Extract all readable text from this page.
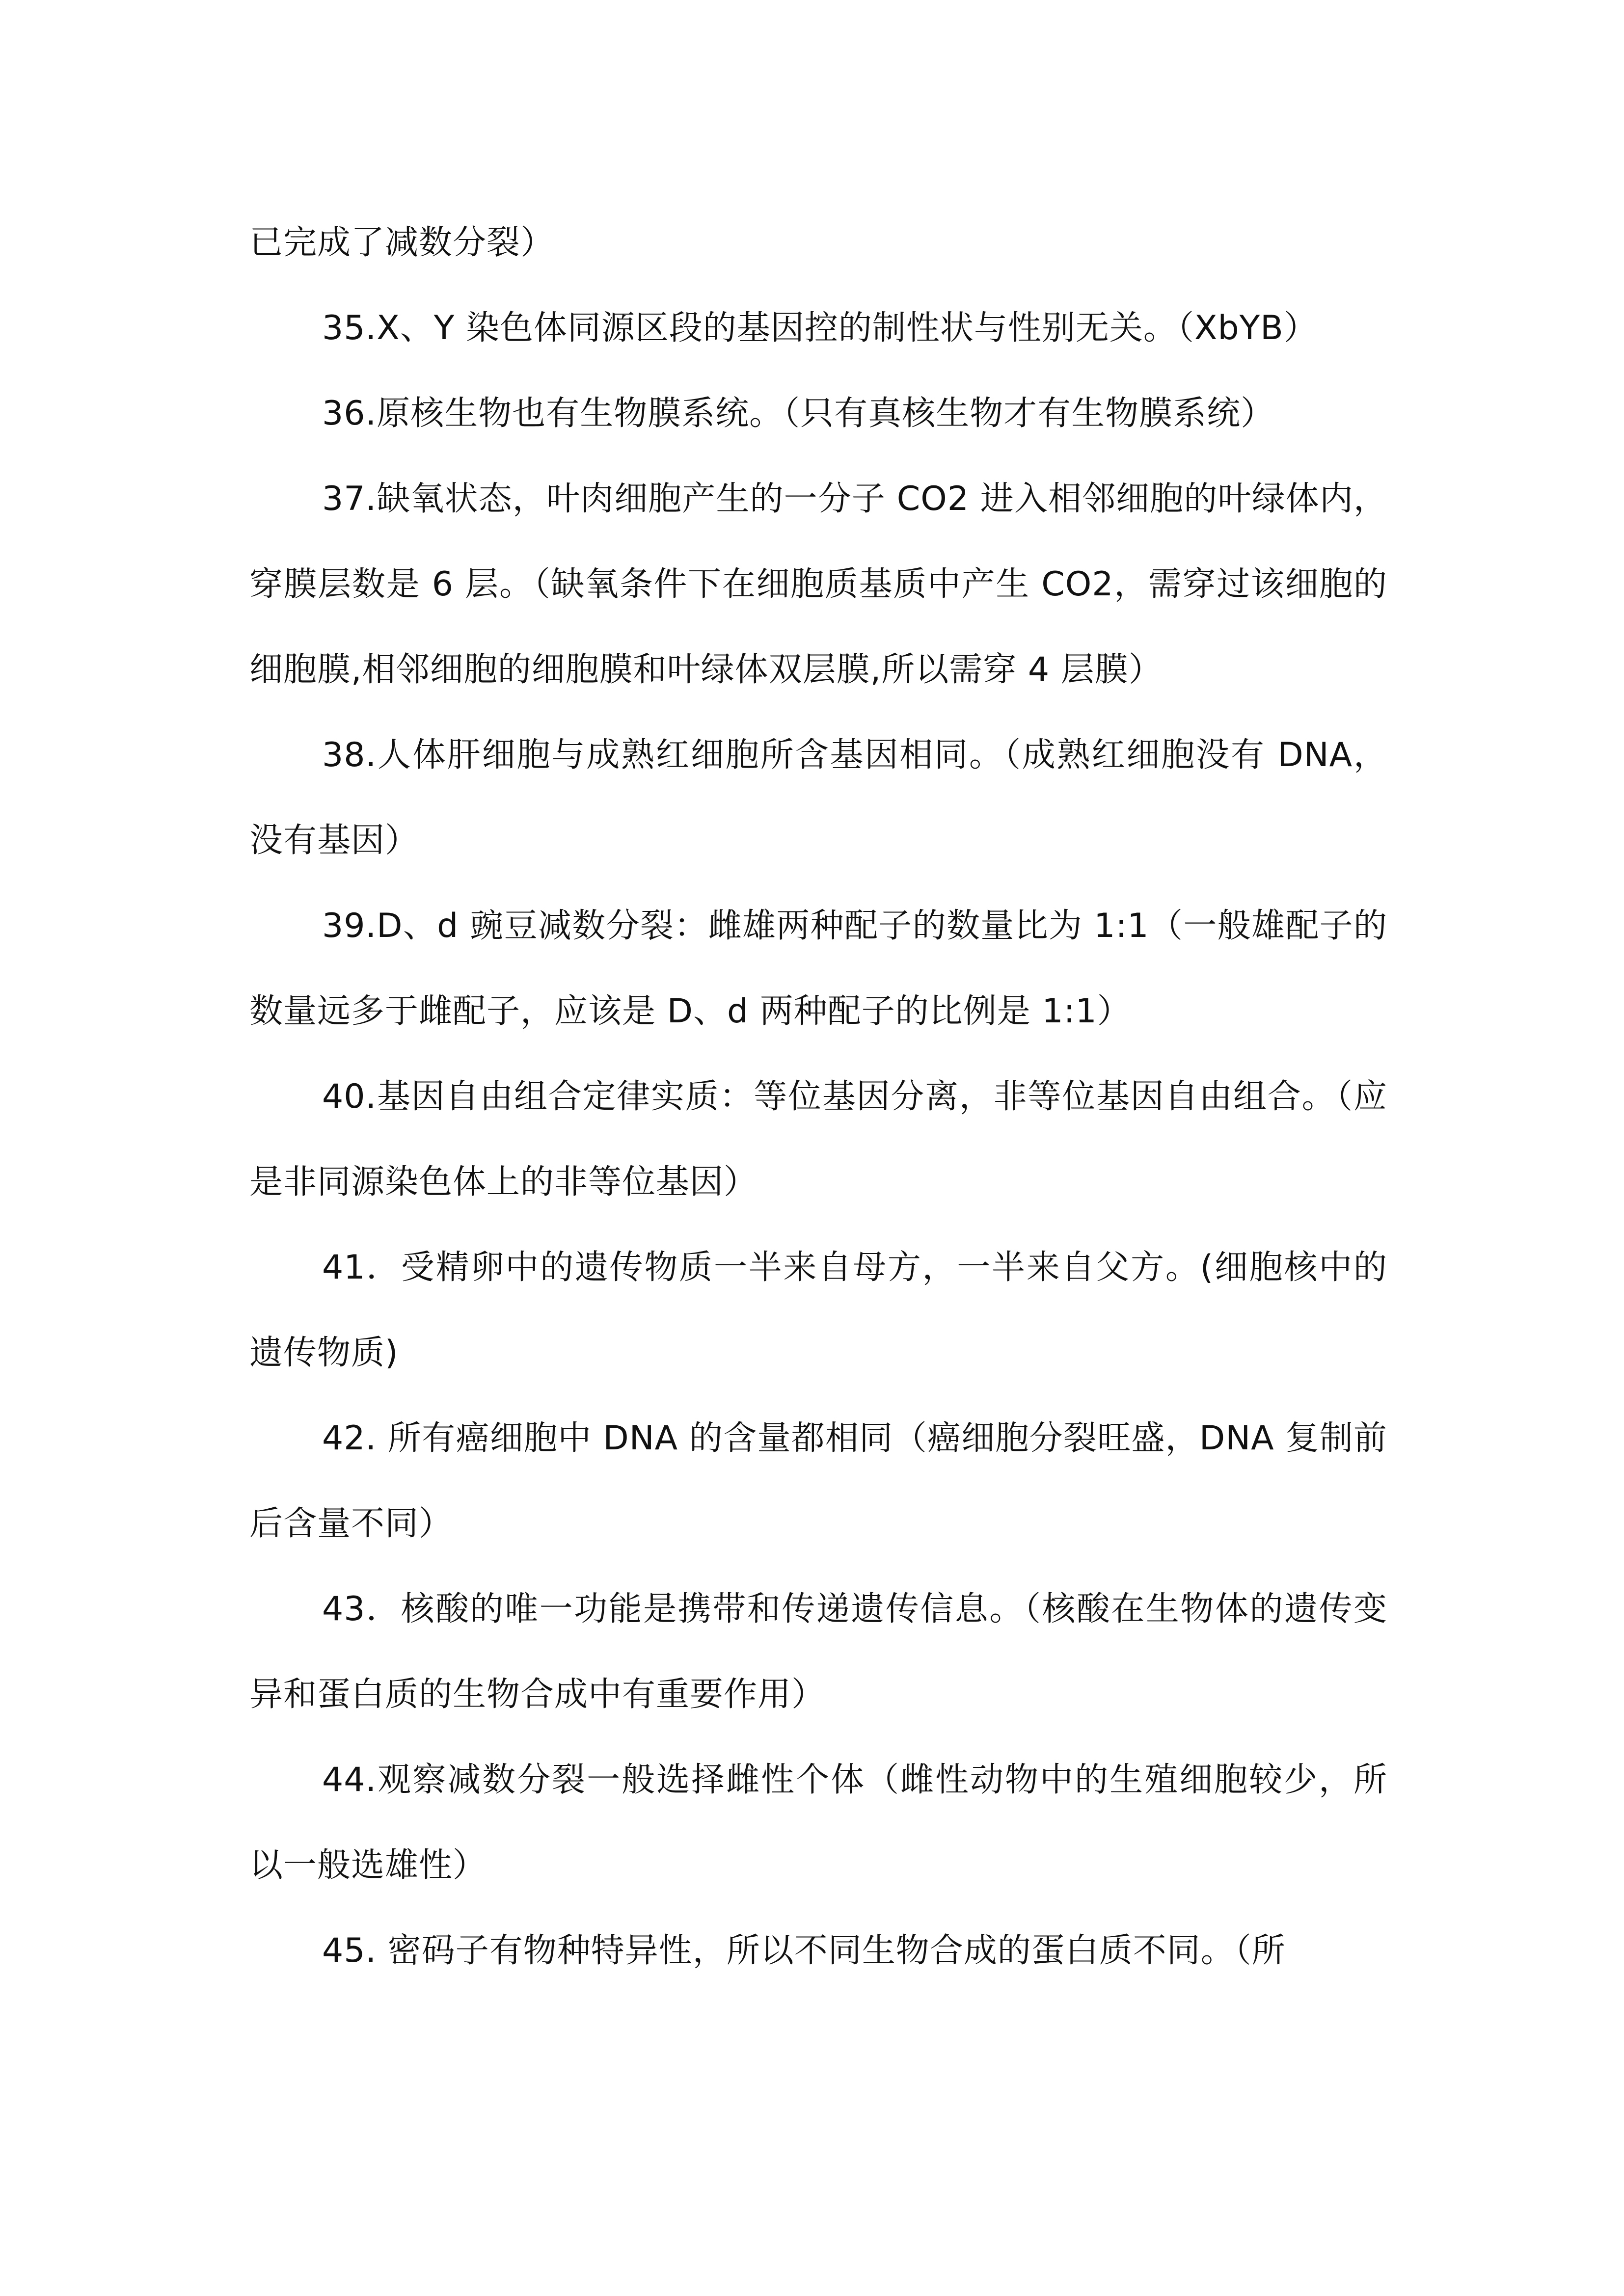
已完成了减数分裂）

35.X、Y 染色体同源区段的基因控的制性状与性别无关。（XbYB）

36.原核生物也有生物膜系统。（只有真核生物才有生物膜系统）

37.缺氧状态，叶肉细胞产生的一分子 CO2 进入相邻细胞的叶绿体内，穿膜层数是 6 层。（缺氧条件下在细胞质基质中产生 CO2，需穿过该细胞的细胞膜,相邻细胞的细胞膜和叶绿体双层膜,所以需穿 4 层膜）

38.人体肝细胞与成熟红细胞所含基因相同。（成熟红细胞没有 DNA，没有基因）

39.D、d 豌豆减数分裂：雌雄两种配子的数量比为 1:1（一般雄配子的数量远多于雌配子，应该是 D、d 两种配子的比例是 1:1）

40.基因自由组合定律实质：等位基因分离，非等位基因自由组合。（应是非同源染色体上的非等位基因）

41．受精卵中的遗传物质一半来自母方，一半来自父方。(细胞核中的遗传物质)

42. 所有癌细胞中 DNA 的含量都相同（癌细胞分裂旺盛，DNA 复制前后含量不同）

43．核酸的唯一功能是携带和传递遗传信息。（核酸在生物体的遗传变异和蛋白质的生物合成中有重要作用）

44.观察减数分裂一般选择雌性个体（雌性动物中的生殖细胞较少，所以一般选雄性）

45. 密码子有物种特异性，所以不同生物合成的蛋白质不同。（所
